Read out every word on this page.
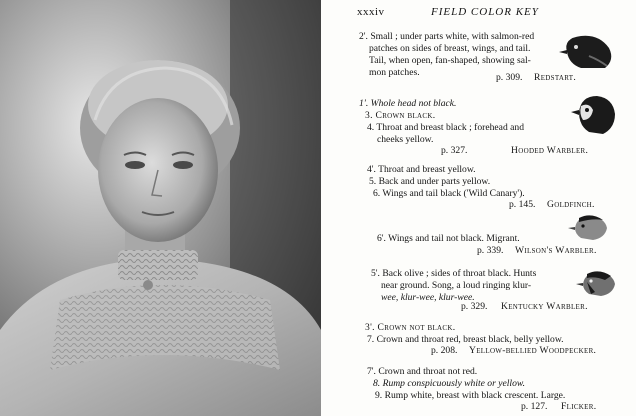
xxxiv	FIELD COLOR KEY
2'. Small ; under parts white, with salmon-red
patches on sides of breast, wings, and tail.
Tail, when open, fan-shaped, showing sal-
mon patches.	p. 309. Redstart.
1'. Whole head not black.
3. Crown black.
4. Throat and breast black ; forehead and
cheeks yellow.
p. 327.	Hooded Warbler.
4'. Throat and breast yellow.
5. Back and under parts yellow.
6. Wings and tail black ('Wild Canary').
p. 145. Goldfinch.
6'. Wings and tail not black. Migrant.
p. 339. Wilson's Warbler.
5'. Back olive ; sides of throat black. Hunts
near ground. Song, a loud ringing klur-
wee, klur-wee, klur-wee.
p. 329. Kentucky Warbler.
3'. Crown not black.
7. Crown and throat red, breast black, belly yellow.
p. 208. Yellow-bellied Woodpecker.
7'. Crown and throat not red.
8. Rump conspicuously white or yellow.
9. Rump white, breast with black crescent. Large.
p. 127. Flicker.
